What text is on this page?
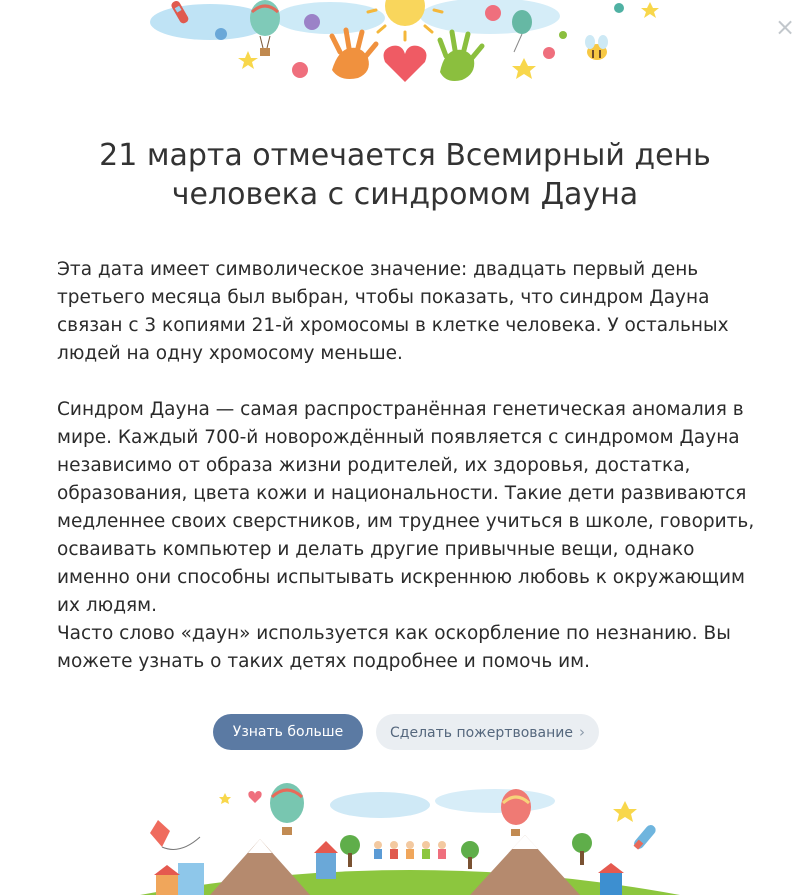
×
21 марта отмечается Всемирный день человека с синдромом Дауна

Эта дата имеет символическое значение: двадцать первый день третьего месяца был выбран, чтобы показать, что синдром Дауна связан с 3 копиями 21-й хромосомы в клетке человека. У остальных людей на одну хромосому меньше.

Синдром Дауна — самая распространённая генетическая аномалия в мире. Каждый 700-й новорождённый появляется с синдромом Дауна независимо от образа жизни родителей, их здоровья, достатка, образования, цвета кожи и национальности. Такие дети развиваются медленнее своих сверстников, им труднее учиться в школе, говорить, осваивать компьютер и делать другие привычные вещи, однако именно они способны испытывать искреннюю любовь к окружающим их людям.

Часто слово «даун» используется как оскорбление по незнанию. Вы можете узнать о таких детях подробнее и помочь им.

Узнать больше	Сделать пожертвование ›
